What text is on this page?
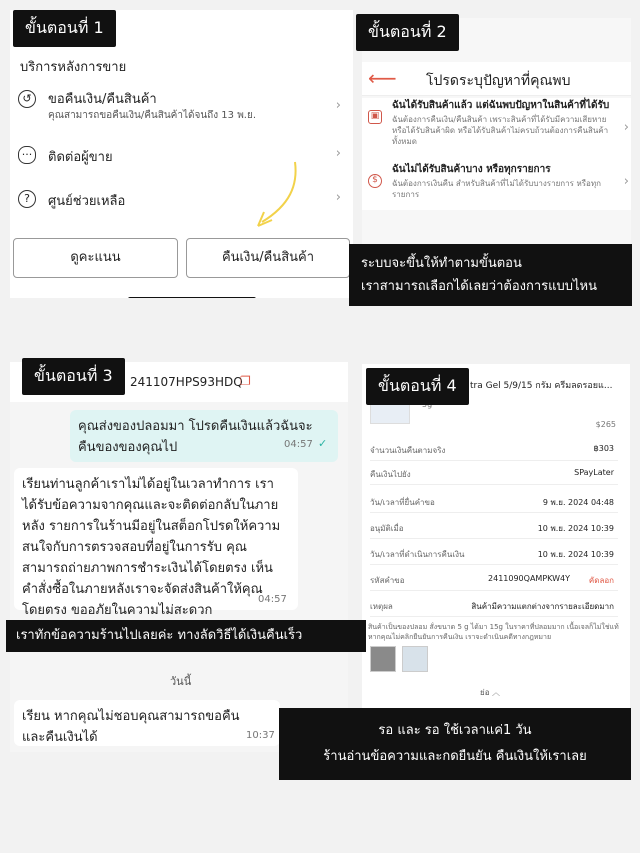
บริการหลังการขาย
↺	ขอคืนเงิน/คืนสินค้า
คุณสามารถขอคืนเงิน/คืนสินค้าได้จนถึง 13 พ.ย.
›
··· ติดต่อผู้ขาย	›
?	ศูนย์ช่วยเหลือ	›
ดูคะแนน	คืนเงิน/คืนสินค้า
ขั้นตอนที่ 1
⟵ โปรดระบุปัญหาที่คุณพบ
▣
ฉันได้รับสินค้าแล้ว แต่ฉันพบปัญหาในสินค้าที่ได้รับ
ฉันต้องการคืนเงิน/คืนสินค้า เพราะสินค้าที่ได้รับมีความเสียหาย หรือได้รับสินค้าผิด หรือได้รับสินค้าไม่ครบถ้วนต้องการคืนสินค้าทั้งหมด
›
$
ฉันไม่ได้รับสินค้าบาง หรือทุกรายการ
ฉันต้องการเงินคืน สำหรับสินค้าที่ไม่ได้รับบางรายการ หรือทุกรายการ
›
ขั้นตอนที่ 2
ระบบจะขึ้นให้ทำตามขั้นตอน
เราสามารถเลือกได้เลยว่าต้องการแบบไหน
241107HPS93HDQ
❐
คุณส่งของปลอมมา โปรดคืนเงินแล้วฉันจะคืนของของคุณไป	04:57 ✓
เรียนท่านลูกค้าเราไม่ได้อยู่ในเวลาทำการ เราได้รับข้อความจากคุณและจะติดต่อกลับในภายหลัง รายการในร้านมีอยู่ในสต็อกโปรดให้ความสนใจกับการตรวจสอบที่อยู่ในการรับ คุณสามารถถ่ายภาพการชำระเงินได้โดยตรง เห็นคำสั่งซื้อในภายหลังเราจะจัดส่งสินค้าให้คุณโดยตรง ขออภัยในความไม่สะดวก
04:57
วันนี้
เรียน หากคุณไม่ชอบคุณสามารถขอคืนและคืนเงินได้	10:37
ขั้นตอนที่ 3
เราทักข้อความร้านไปเลยค่ะ ทางลัดวิธีได้เงินคืนเร็ว
tra Gel 5/9/15 กรัม ครีมลดรอยแ...
$265
จำนวนเงินคืนตามจริง	฿303
คืนเงินไปยัง	SPayLater
วัน/เวลาที่ยื่นคำขอ	9 พ.ย. 2024 04:48
อนุมัติเมื่อ	10 พ.ย. 2024 10:39
วัน/เวลาที่ดำเนินการคืนเงิน	10 พ.ย. 2024 10:39
รหัสคำขอ	2411090QAMPKW4Y คัดลอก
เหตุผล	สินค้ามีความแตกต่างจากรายละเอียดมาก
สินค้าเป็นของปลอม สั่งขนาด 5 g ได้มา 15g ในราคาที่ปลอมมาก เนื้อเจลก็ไม่ใช่แท้ หากคุณไม่คลิกยืนยันการคืนเงิน เราจะดำเนินคดีทางกฎหมาย
ย่อ ︿
ขั้นตอนที่ 4
รอ และ รอ ใช้เวลาแค่1 วัน
ร้านอ่านข้อความและกดยืนยัน คืนเงินให้เราเลย
